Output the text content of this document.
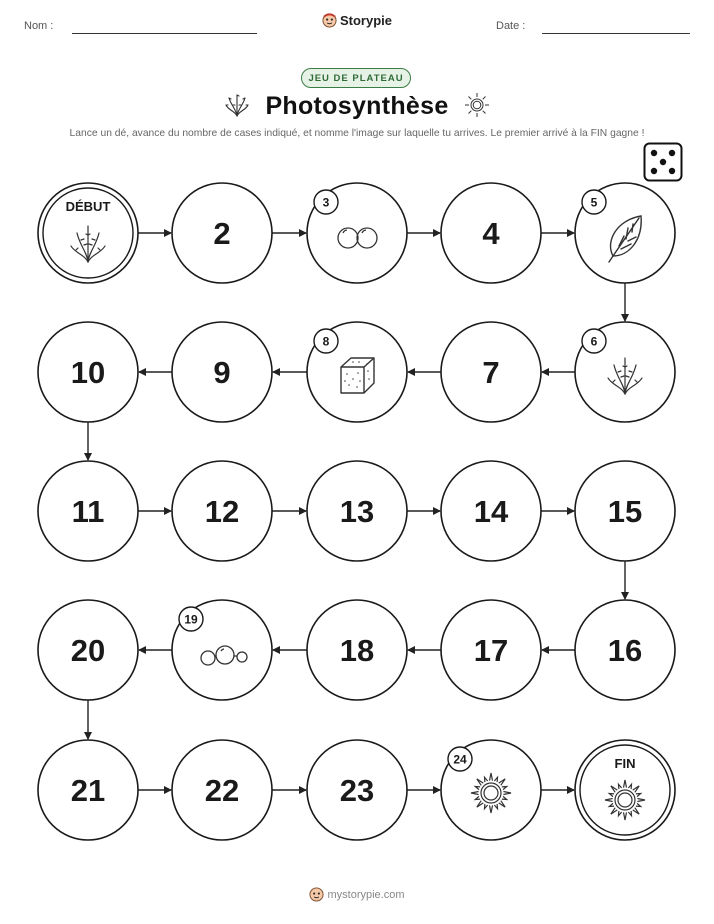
Nom :	Storypie	Date :
JEU DE PLATEAU
Photosynthèse
Lance un dé, avance du nombre de cases indiqué, et nomme l'image sur laquelle tu arrives. Le premier arrivé à la FIN gagne !
DÉBUT
2
3
4
5
6
7
8
9
10
11	12	13	14	15
16
17
18
19
20
21	22	23
24	FIN
mystorypie.com
